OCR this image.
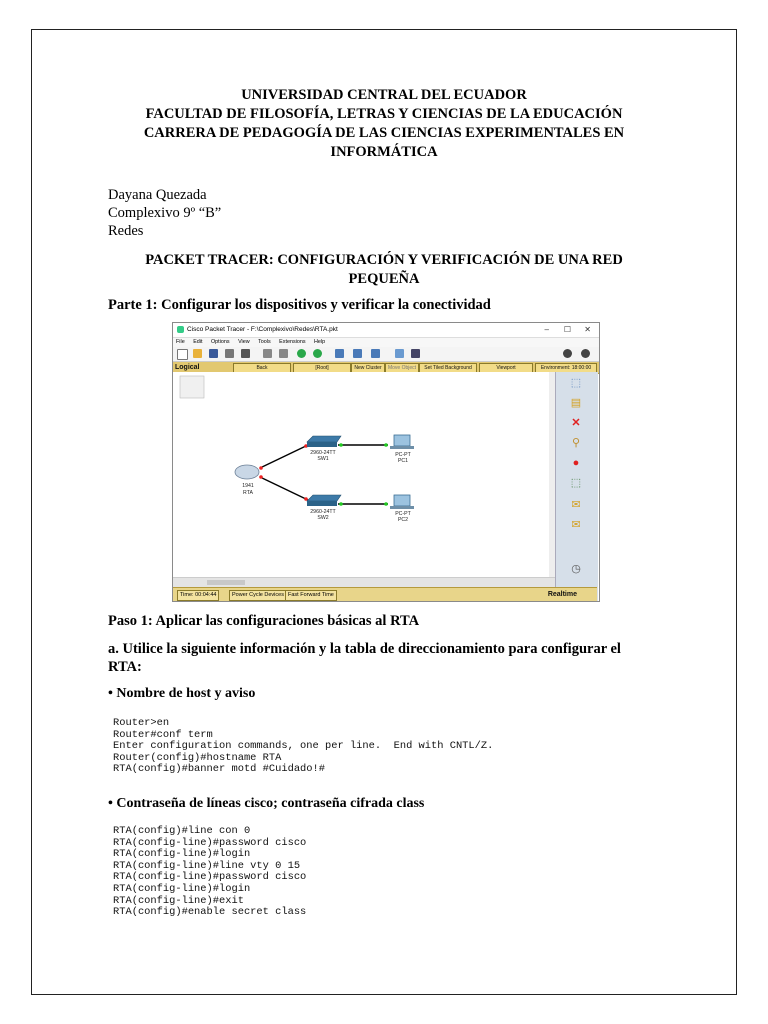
UNIVERSIDAD CENTRAL DEL ECUADOR
FACULTAD DE FILOSOFÍA, LETRAS Y CIENCIAS DE LA EDUCACIÓN
CARRERA DE PEDAGOGÍA DE LAS CIENCIAS EXPERIMENTALES EN
INFORMÁTICA
Dayana Quezada
Complexivo 9º “B”
Redes
PACKET TRACER: CONFIGURACIÓN Y VERIFICACIÓN DE UNA RED
PEQUEÑA
Parte 1: Configurar los dispositivos y verificar la conectividad
Cisco Packet Tracer - F:\Complexivo\Redes\RTA.pkt	– ☐ ✕
File Edit Options View Tools Extensions Help
Logical	Back	[Root]	New Cluster	Move Object	Set Tiled Background	Viewport	Environment: 18:00:00
1941
RTA
2960-24TT
SW1
2960-24TT
SW2
PC-PT
PC1
PC-PT
PC2
⬚
▤
✕
⚲
●
⬚
✉
✉
◷
Time: 00:04:44	Power Cycle Devices Fast Forward Time	Realtime
Paso 1: Aplicar las configuraciones básicas al RTA
a. Utilice la siguiente información y la tabla de direccionamiento para configurar el
RTA:
• Nombre de host y aviso
Router>en
Router#conf term
Enter configuration commands, one per line.  End with CNTL/Z.
Router(config)#hostname RTA
RTA(config)#banner motd #Cuidado!#
• Contraseña de líneas cisco; contraseña cifrada class
RTA(config)#line con 0
RTA(config-line)#password cisco
RTA(config-line)#login
RTA(config-line)#line vty 0 15
RTA(config-line)#password cisco
RTA(config-line)#login
RTA(config-line)#exit
RTA(config)#enable secret class
